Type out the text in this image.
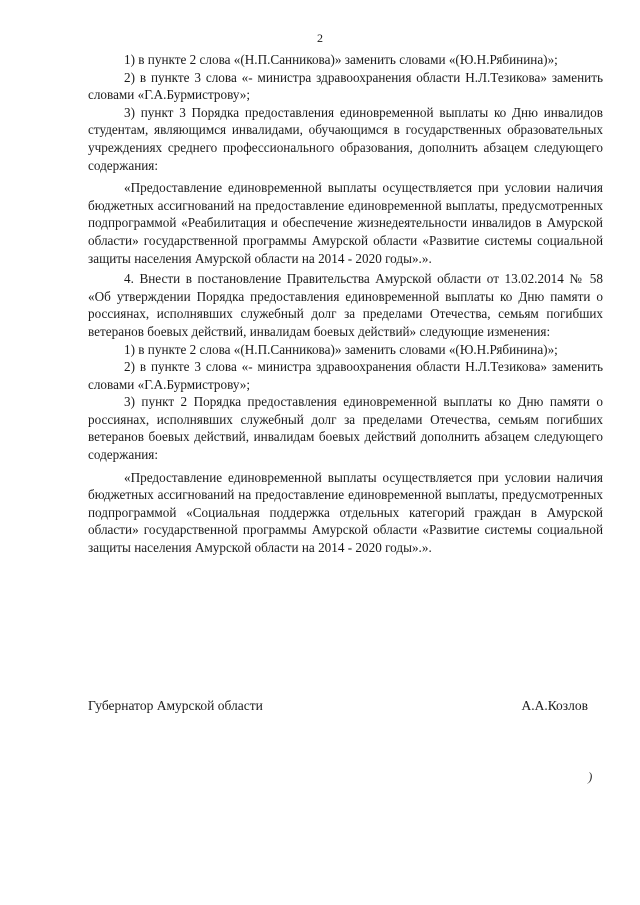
2

1) в пункте 2 слова «(Н.П.Санникова)» заменить словами «(Ю.Н.Рябинина)»;

2) в пункте 3 слова «- министра здравоохранения области Н.Л.Тезикова» заменить словами «Г.А.Бурмистрову»;

3) пункт 3 Порядка предоставления единовременной выплаты ко Дню инвалидов студентам, являющимся инвалидами, обучающимся в государственных образовательных учреждениях среднего профессионального образования, дополнить абзацем следующего содержания:

«Предоставление единовременной выплаты осуществляется при условии наличия бюджетных ассигнований на предоставление единовременной выплаты, предусмотренных подпрограммой «Реабилитация и обеспечение жизнедеятельности инвалидов в Амурской области» государственной программы Амурской области «Развитие системы социальной защиты населения Амурской области на 2014 - 2020 годы».».

4. Внести в постановление Правительства Амурской области от 13.02.2014 № 58 «Об утверждении Порядка предоставления единовременной выплаты ко Дню памяти о россиянах, исполнявших служебный долг за пределами Отечества, семьям погибших ветеранов боевых действий, инвалидам боевых действий» следующие изменения:

1) в пункте 2 слова «(Н.П.Санникова)» заменить словами «(Ю.Н.Рябинина)»;

2) в пункте 3 слова «- министра здравоохранения области Н.Л.Тезикова» заменить словами «Г.А.Бурмистрову»;

3) пункт 2 Порядка предоставления единовременной выплаты ко Дню памяти о россиянах, исполнявших служебный долг за пределами Отечества, семьям погибших ветеранов боевых действий, инвалидам боевых действий дополнить абзацем следующего содержания:

«Предоставление единовременной выплаты осуществляется при условии наличия бюджетных ассигнований на предоставление единовременной выплаты, предусмотренных подпрограммой «Социальная поддержка отдельных категорий граждан в Амурской области» государственной программы Амурской области «Развитие системы социальной защиты населения Амурской области на 2014 - 2020 годы».».

Губернатор Амурской области	А.А.Козлов
)
